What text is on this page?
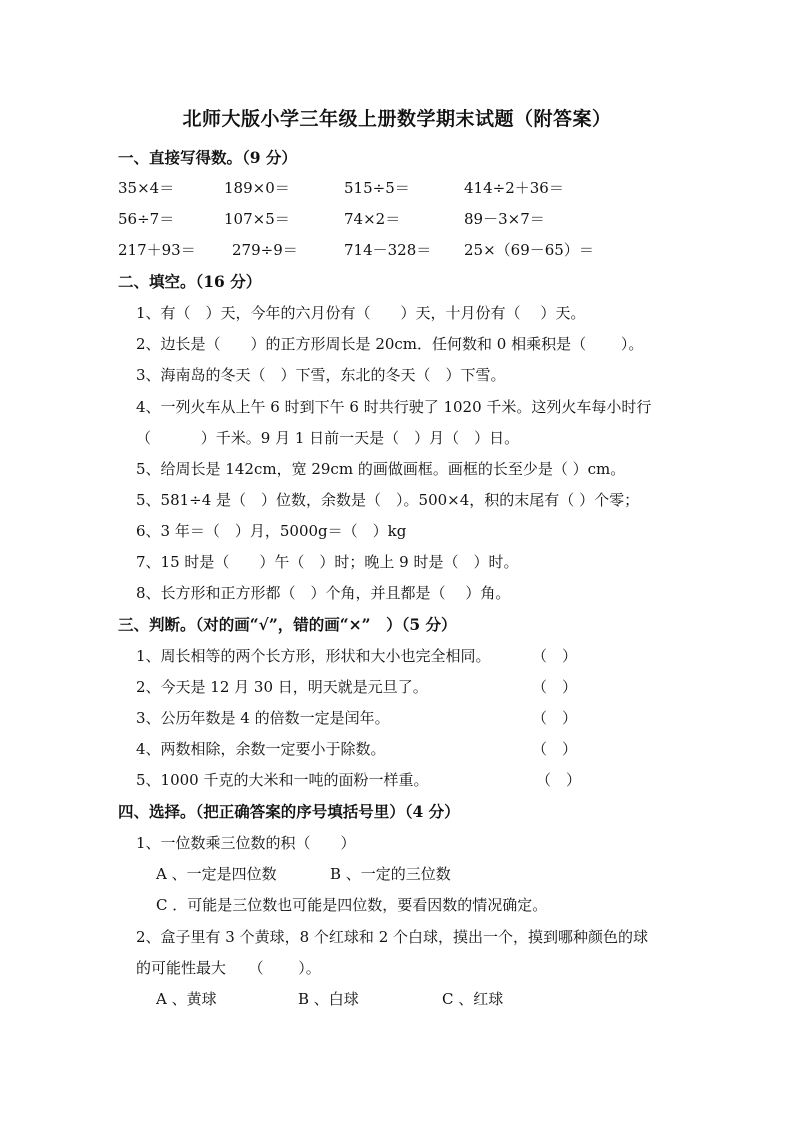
北师大版小学三年级上册数学期末试题（附答案）
一、直接写得数。（9 分）
35×4＝	189×0＝	515÷5＝	414÷2＋36＝
56÷7＝	107×5＝	74×2＝	89－3×7＝
217＋93＝ 279÷9＝	714－328＝ 25×（69－65）＝
二、填空。（16 分）
1、有（　）天，今年的六月份有（　　）天，十月份有（　 ）天。
2、边长是（　　）的正方形周长是 20cm．任何数和 0 相乘积是（　　 ）。
3、海南岛的冬天（　）下雪，东北的冬天（　）下雪。
4、一列火车从上午 6 时到下午 6 时共行驶了 1020 千米。这列火车每小时行
（　　　 ）千米。9 月 1 日前一天是（　）月（　）日。
5、给周长是 142cm，宽 29cm 的画做画框。画框的长至少是（ ）cm。
5、581÷4 是（　）位数，余数是（　）。500×4，积的末尾有（ ）个零；
6、3 年＝（　）月，5000g＝（　）kg
7、15 时是（　　）午（　）时；晚上 9 时是（　）时。
8、长方形和正方形都（　）个角，并且都是（　 ）角。
三、判断。（对的画“√”，错的画“×”　）（5 分）
1、周长相等的两个长方形，形状和大小也完全相同。	（　）
2、今天是 12 月 30 日，明天就是元旦了。	（　）
3、公历年数是 4 的倍数一定是闰年。	（　）
4、两数相除，余数一定要小于除数。	（　）
5、1000 千克的大米和一吨的面粉一样重。	（　）
四、选择。（把正确答案的序号填括号里）（4 分）
1、一位数乘三位数的积（　　）
A 、一定是四位数	B 、一定的三位数
C ．可能是三位数也可能是四位数，要看因数的情况确定。
2、盒子里有 3 个黄球，8 个红球和 2 个白球，摸出一个，摸到哪种颜色的球
的可能性最大　　（　　 ）。
A 、黄球	B 、白球	C 、红球
